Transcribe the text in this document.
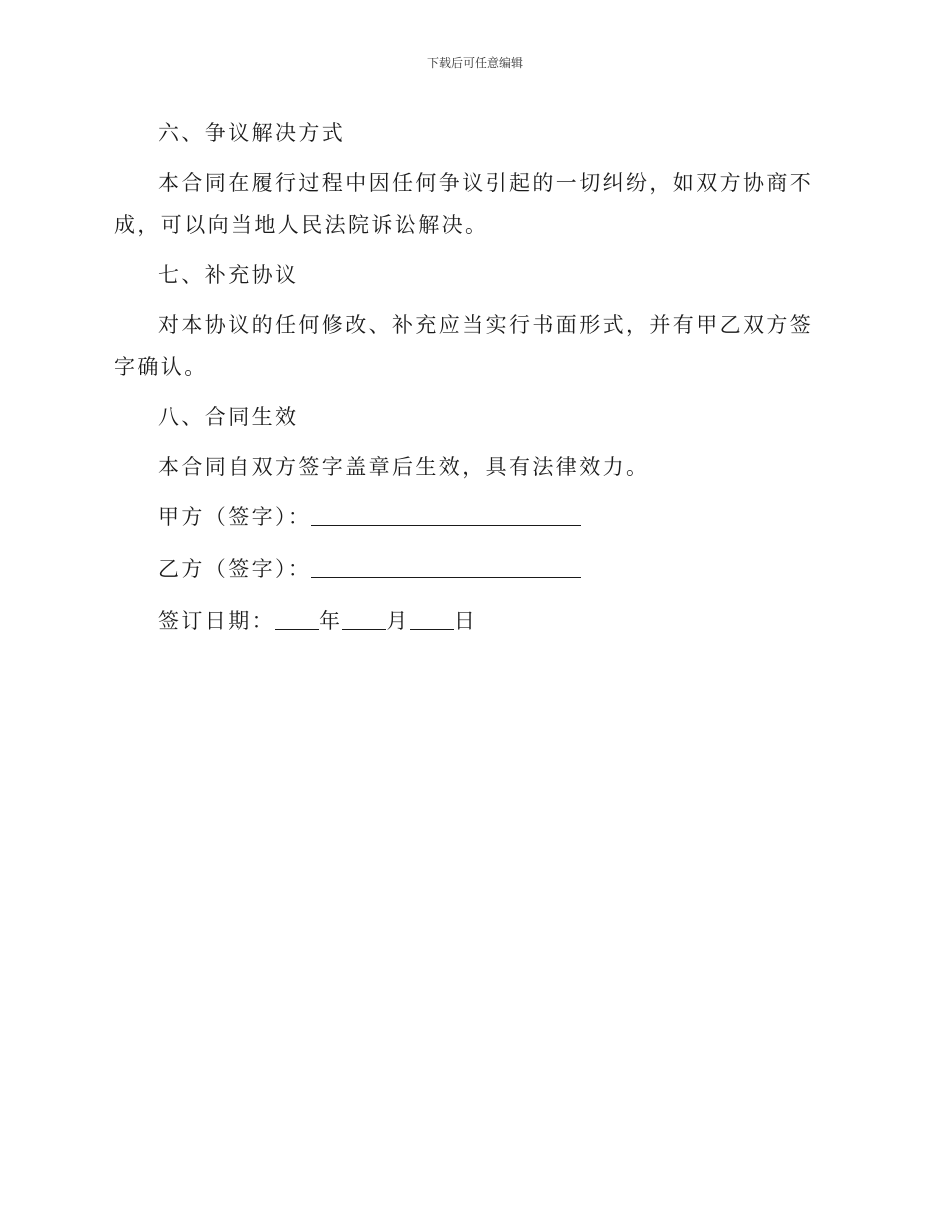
下载后可任意编辑

六、争议解决方式

本合同在履行过程中因任何争议引起的一切纠纷，如双方协商不成，可以向当地人民法院诉讼解决。

七、补充协议

对本协议的任何修改、补充应当实行书面形式，并有甲乙双方签字确认。

八、合同生效

本合同自双方签字盖章后生效，具有法律效力。

甲方（签字）：

乙方（签字）：

签订日期： 年 月 日
